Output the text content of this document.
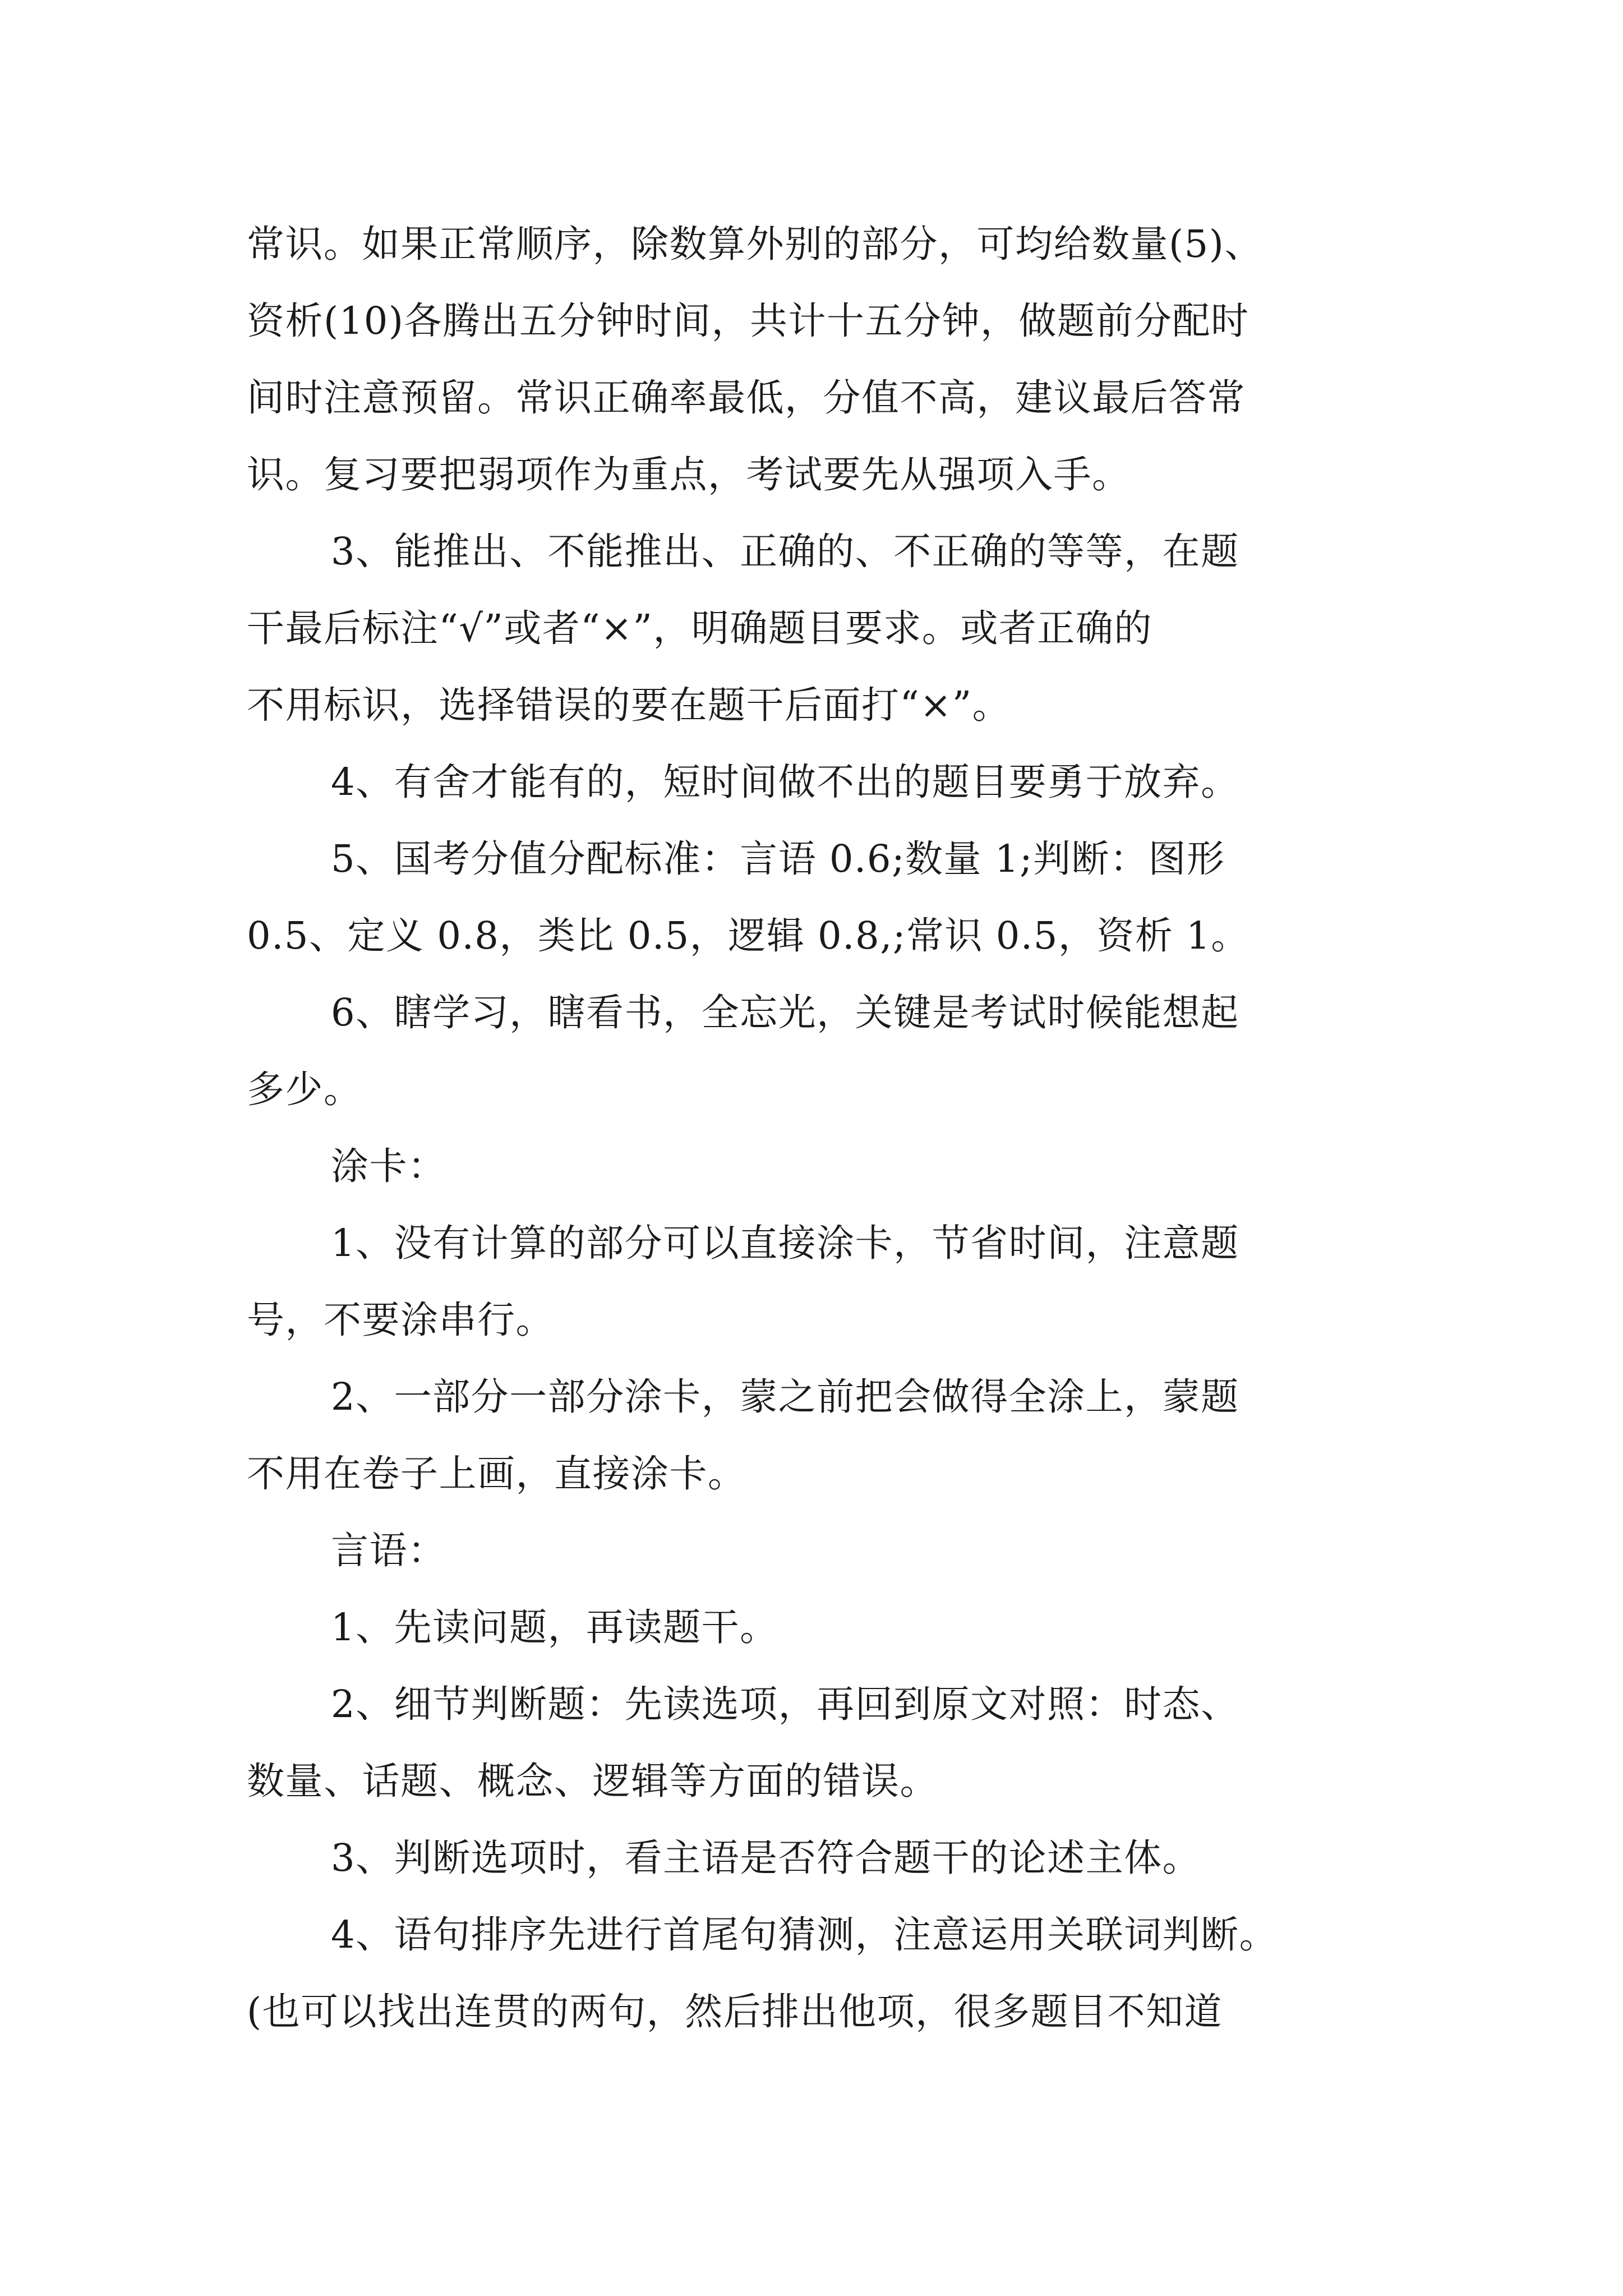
常识。如果正常顺序，除数算外别的部分，可均给数量(5)、
资析(10)各腾出五分钟时间，共计十五分钟，做题前分配时
间时注意预留。常识正确率最低，分值不高，建议最后答常
识。复习要把弱项作为重点，考试要先从强项入手。
3、能推出、不能推出、正确的、不正确的等等，在题
干最后标注“√”或者“×”，明确题目要求。或者正确的
不用标识，选择错误的要在题干后面打“×”。
4、有舍才能有的，短时间做不出的题目要勇于放弃。
5、国考分值分配标准：言语 0.6;数量 1;判断：图形
0.5、定义 0.8，类比 0.5，逻辑 0.8,;常识 0.5，资析 1。
6、瞎学习，瞎看书，全忘光，关键是考试时候能想起
多少。
涂卡：
1、没有计算的部分可以直接涂卡，节省时间，注意题
号，不要涂串行。
2、一部分一部分涂卡，蒙之前把会做得全涂上，蒙题
不用在卷子上画，直接涂卡。
言语：
1、先读问题，再读题干。
2、细节判断题：先读选项，再回到原文对照：时态、
数量、话题、概念、逻辑等方面的错误。
3、判断选项时，看主语是否符合题干的论述主体。
4、语句排序先进行首尾句猜测，注意运用关联词判断。
(也可以找出连贯的两句，然后排出他项，很多题目不知道
